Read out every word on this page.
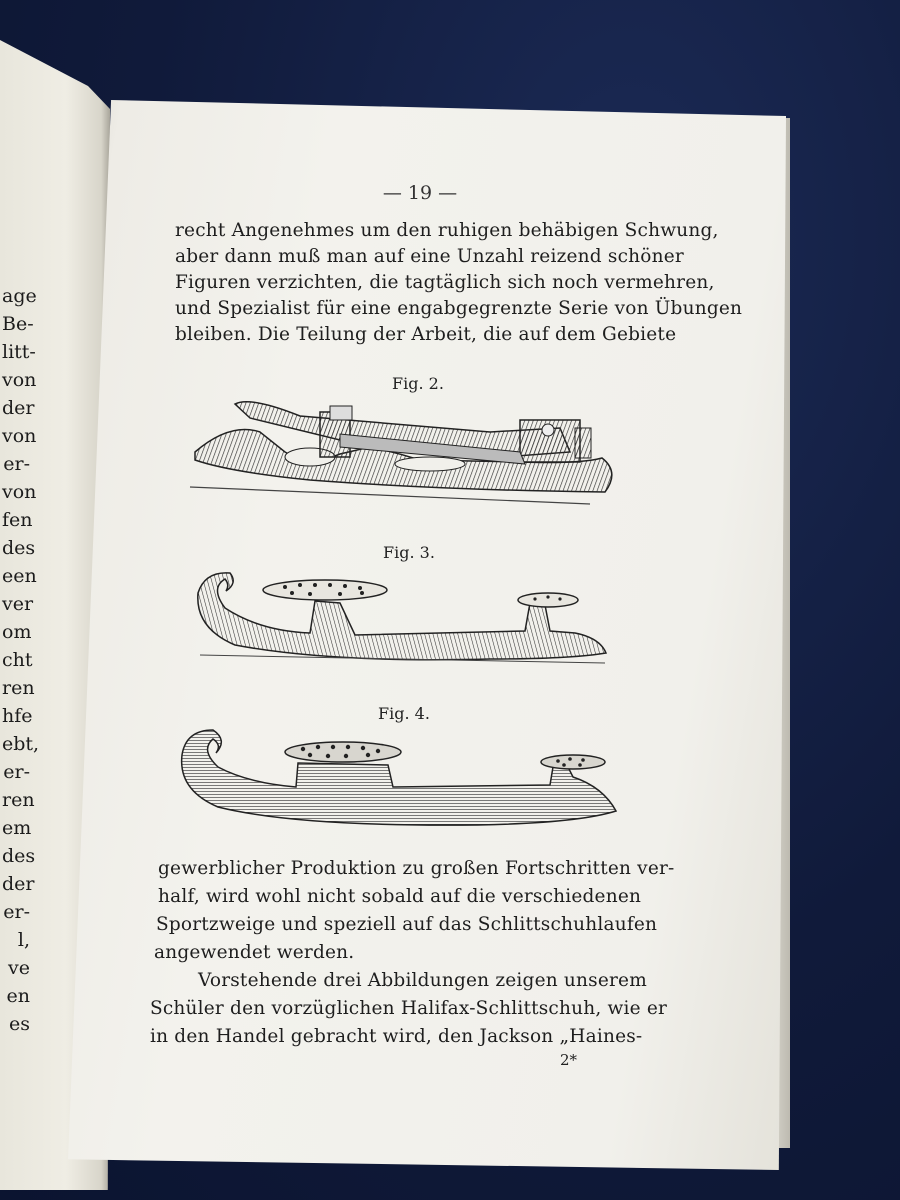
age
Be-
litt-
von
der
von
er-
von
fen
des
een
ver
om
cht
ren
hfe
ebt,
er-
ren
em
des
der
er-
l,
ve
en
es
— 19 —
recht Angenehmes um den ruhigen behäbigen Schwung,
aber dann muß man auf eine Unzahl reizend schöner
Figuren verzichten, die tagtäglich sich noch vermehren,
und Spezialist für eine engabgegrenzte Serie von Übungen
bleiben. Die Teilung der Arbeit, die auf dem Gebiete
Fig. 2.
Fig. 3.
Fig. 4.
gewerblicher Produktion zu großen Fortschritten ver-
half, wird wohl nicht sobald auf die verschiedenen
Sportzweige und speziell auf das Schlittschuhlaufen
angewendet werden.
Vorstehende drei Abbildungen zeigen unserem
Schüler den vorzüglichen Halifax-Schlittschuh, wie er
in den Handel gebracht wird, den Jackson „Haines-
2*
